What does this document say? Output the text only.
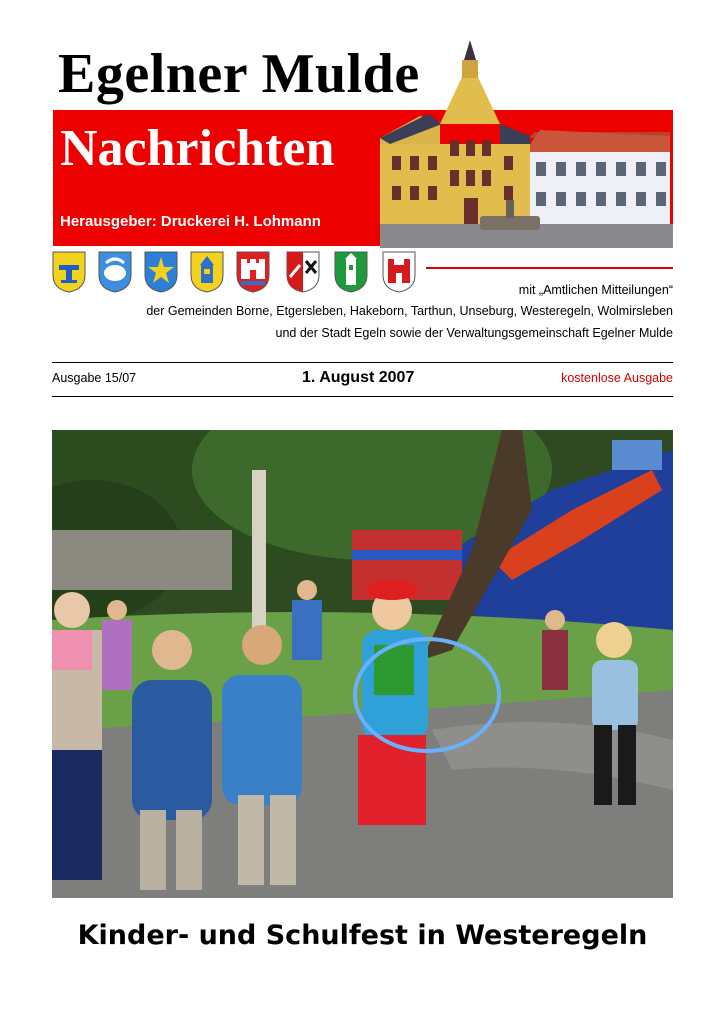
Egelner Mulde
Nachrichten
Herausgeber: Druckerei H. Lohmann
mit „Amtlichen Mitteilungen“
der Gemeinden Borne, Etgersleben, Hakeborn, Tarthun, Unseburg, Westeregeln, Wolmirsleben
und der Stadt Egeln sowie der Verwaltungsgemeinschaft Egelner Mulde
Ausgabe 15/07	1. August 2007	kostenlose Ausgabe
Kinder- und Schulfest in Westeregeln
